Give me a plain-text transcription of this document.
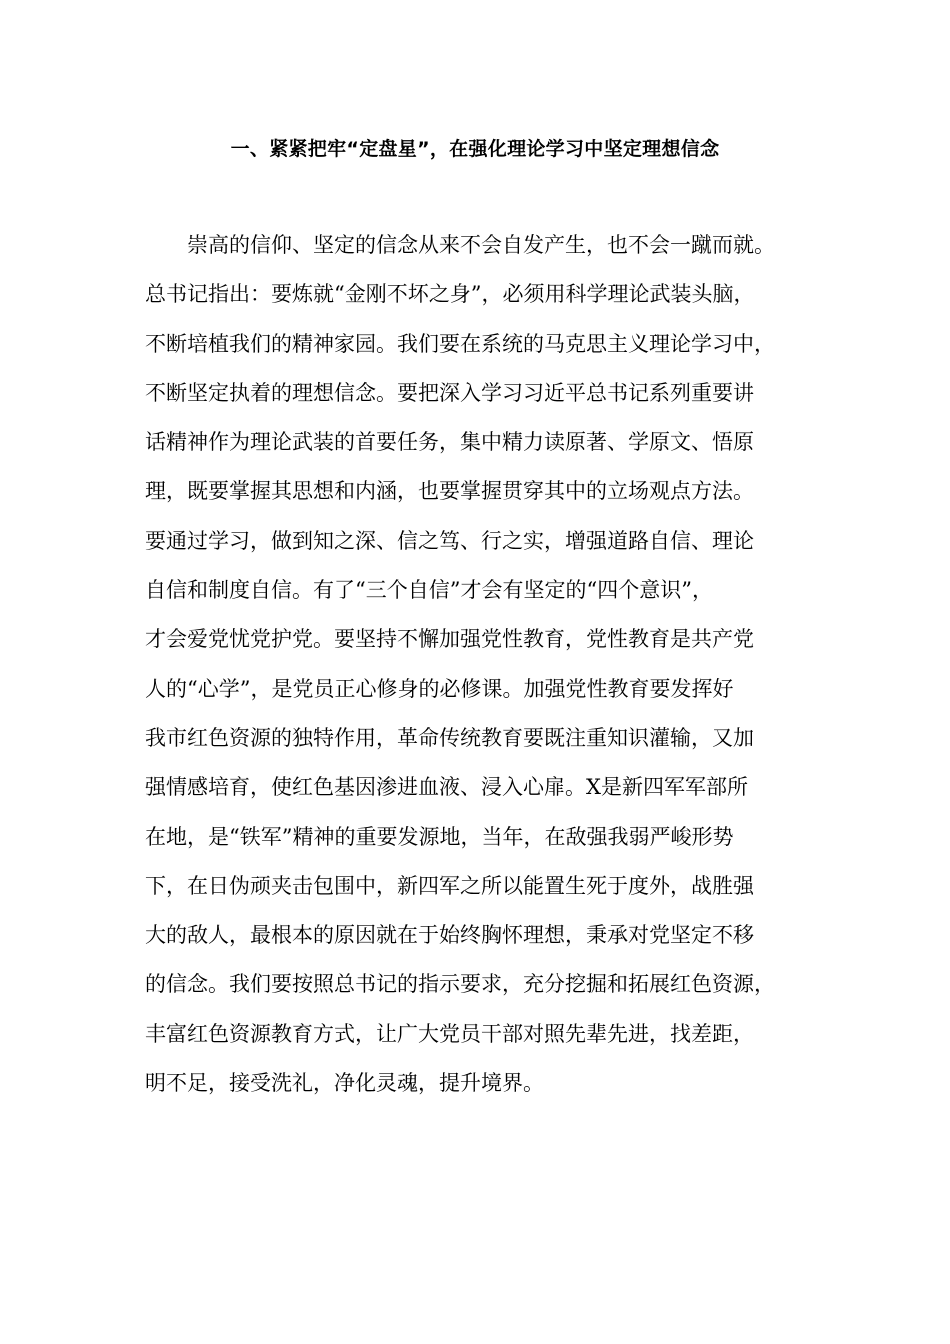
一、紧紧把牢“定盘星”，在强化理论学习中坚定理想信念
崇高的信仰、坚定的信念从来不会自发产生，也不会一蹴而就。
总书记指出：要炼就“金刚不坏之身”，必须用科学理论武装头脑，
不断培植我们的精神家园。我们要在系统的马克思主义理论学习中，
不断坚定执着的理想信念。要把深入学习习近平总书记系列重要讲
话精神作为理论武装的首要任务，集中精力读原著、学原文、悟原
理，既要掌握其思想和内涵，也要掌握贯穿其中的立场观点方法。
要通过学习，做到知之深、信之笃、行之实，增强道路自信、理论
自信和制度自信。有了“三个自信”才会有坚定的“四个意识”，
才会爱党忧党护党。要坚持不懈加强党性教育，党性教育是共产党
人的“心学”，是党员正心修身的必修课。加强党性教育要发挥好
我市红色资源的独特作用，革命传统教育要既注重知识灌输，又加
强情感培育，使红色基因渗进血液、浸入心扉。X是新四军军部所
在地，是“铁军”精神的重要发源地，当年，在敌强我弱严峻形势
下，在日伪顽夹击包围中，新四军之所以能置生死于度外，战胜强
大的敌人，最根本的原因就在于始终胸怀理想，秉承对党坚定不移
的信念。我们要按照总书记的指示要求，充分挖掘和拓展红色资源，
丰富红色资源教育方式，让广大党员干部对照先辈先进，找差距，
明不足，接受洗礼，净化灵魂，提升境界。
